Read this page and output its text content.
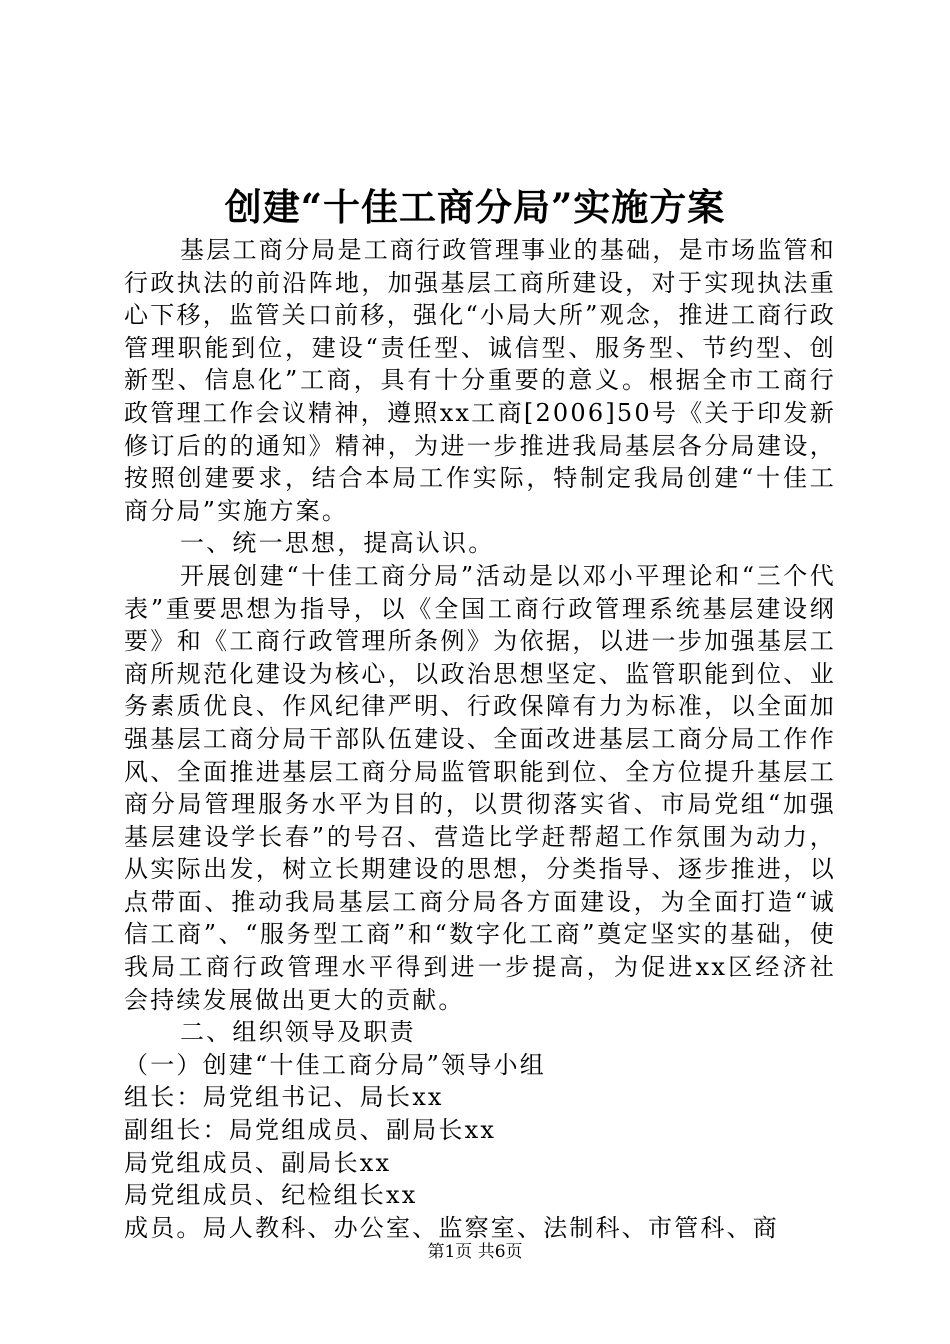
创建“十佳工商分局”实施方案

基层工商分局是工商行政管理事业的基础，是市场监管和行政执法的前沿阵地，加强基层工商所建设，对于实现执法重心下移，监管关口前移，强化“小局大所”观念，推进工商行政管理职能到位，建设“责任型、诚信型、服务型、节约型、创新型、信息化”工商，具有十分重要的意义。根据全市工商行政管理工作会议精神，遵照xx工商[2006]50号《关于印发新修订后的的通知》精神，为进一步推进我局基层各分局建设，按照创建要求，结合本局工作实际，特制定我局创建“十佳工商分局”实施方案。

一、统一思想，提高认识。

开展创建“十佳工商分局”活动是以邓小平理论和“三个代表”重要思想为指导，以《全国工商行政管理系统基层建设纲要》和《工商行政管理所条例》为依据，以进一步加强基层工商所规范化建设为核心，以政治思想坚定、监管职能到位、业务素质优良、作风纪律严明、行政保障有力为标准，以全面加强基层工商分局干部队伍建设、全面改进基层工商分局工作作风、全面推进基层工商分局监管职能到位、全方位提升基层工商分局管理服务水平为目的，以贯彻落实省、市局党组“加强基层建设学长春”的号召、营造比学赶帮超工作氛围为动力，从实际出发，树立长期建设的思想，分类指导、逐步推进，以点带面、推动我局基层工商分局各方面建设，为全面打造“诚信工商”、“服务型工商”和“数字化工商”奠定坚实的基础，使我局工商行政管理水平得到进一步提高，为促进xx区经济社会持续发展做出更大的贡献。

二、组织领导及职责

（一）创建“十佳工商分局”领导小组

组长：局党组书记、局长xx

副组长：局党组成员、副局长xx

局党组成员、副局长xx

局党组成员、纪检组长xx

成员。局人教科、办公室、监察室、法制科、市管科、商

第1页 共6页
